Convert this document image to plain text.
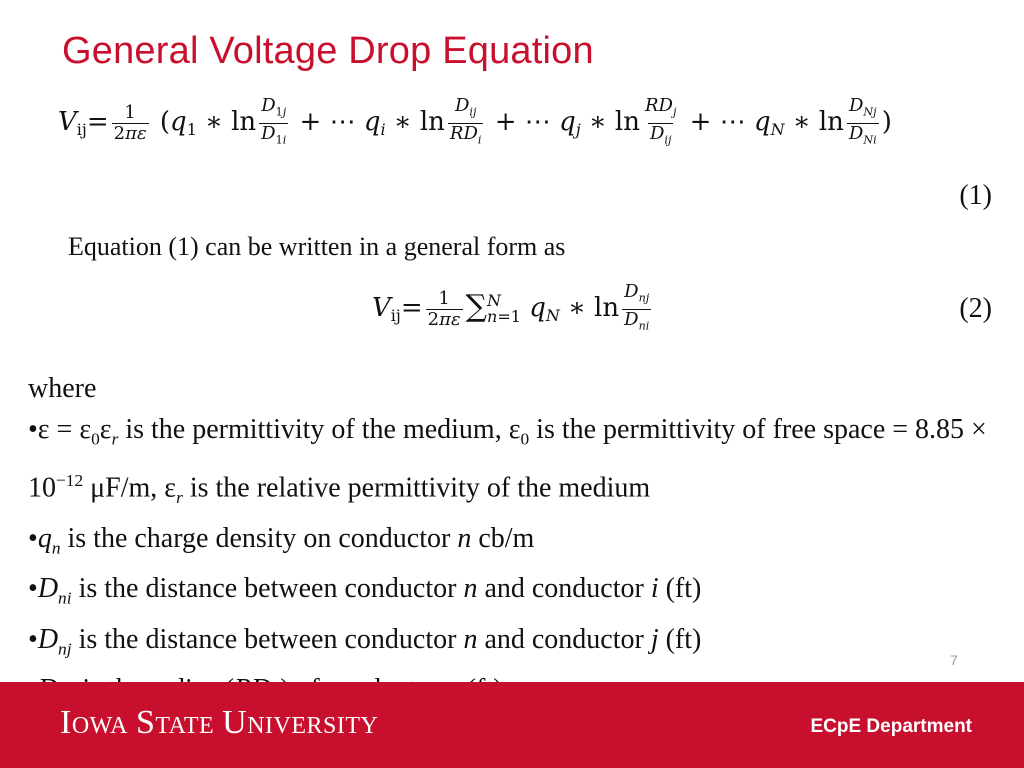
General Voltage Drop Equation
$V_{ij}= \frac{1}{2\pi\varepsilon} (q_1$ ∗ $\ln \frac{D_{1j}}{D_{1i}}$ + ⋯ $q_i$ ∗ $\ln \frac{D_{ij}}{RD_i}$ + ⋯ $q_j$ ∗ $\ln \frac{RD_j}{D_{ij}}$ + ⋯ $q_N$ ∗ $\ln \frac{D_{Nj}}{D_{Ni}}$ )
(1)
Equation (1) can be written in a general form as
$V_{ij}= \frac{1}{2\pi\varepsilon}$ ∑ N
n=1 $q_N$ ∗ $\ln \frac{D_{nj}}{D_{ni}}$	(2)

where

•ε = $\varepsilon_0\varepsilon_r$ is the permittivity of the medium, $\varepsilon_0$ is the permittivity of free space = $8.85 \times 10^{-12}$ μF/m, $\varepsilon_r$ is the relative permittivity of the medium

$•q_n$ is the charge density on conductor n cb/m

$•D_{ni}$ is the distance between conductor n and conductor i (ft)

$•D_{nj}$ is the distance between conductor n and conductor j (ft)

7
IOWA STATE UNIVERSITY	ECpE Department
